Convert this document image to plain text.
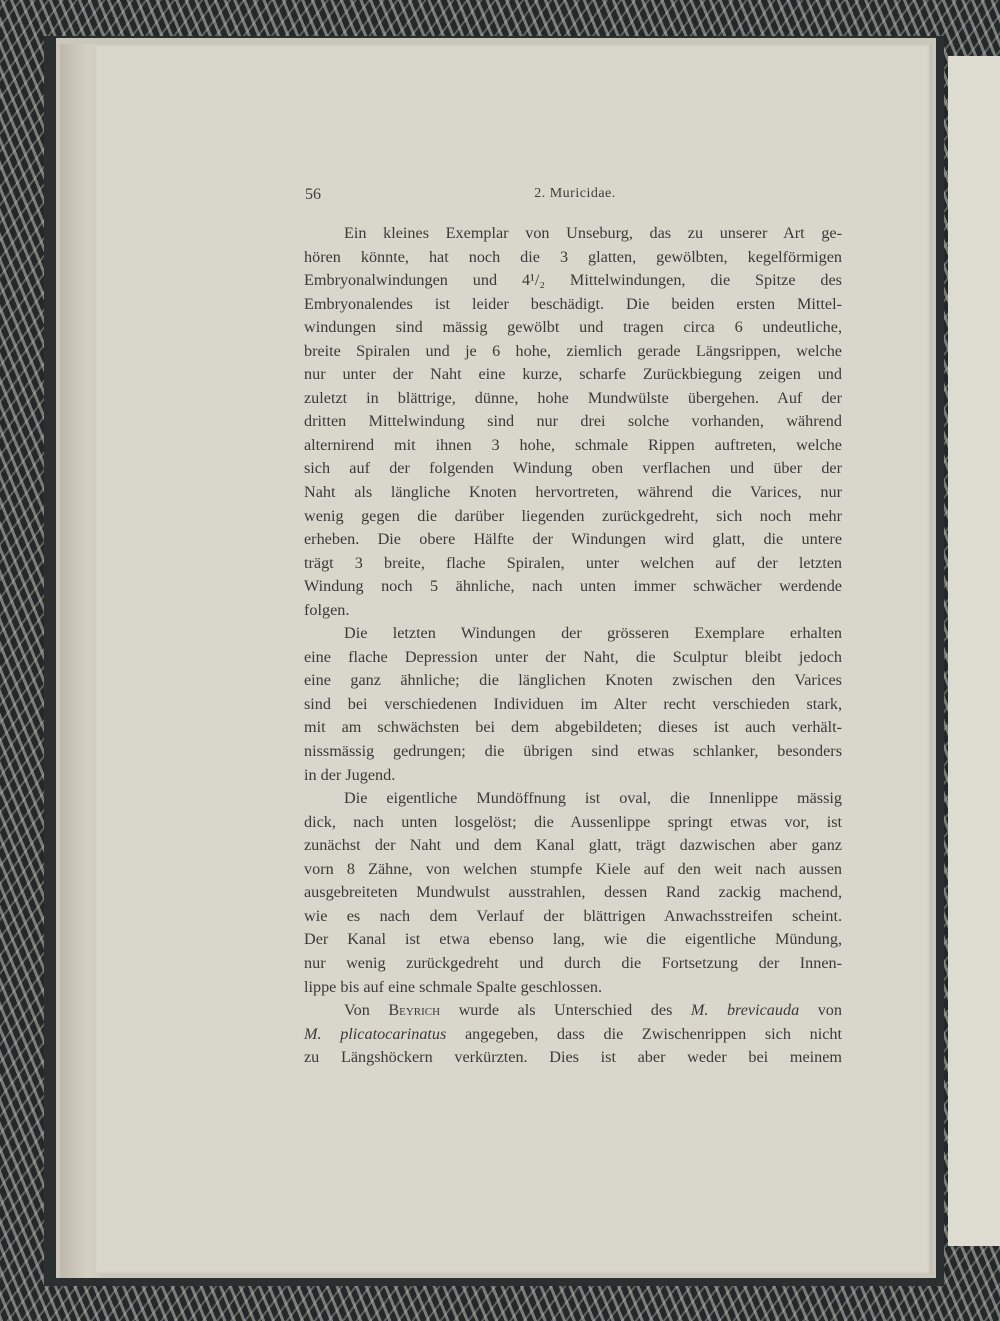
56	2. Muricidae.

Ein kleines Exemplar von Unseburg, das zu unserer Art ge-
hören könnte, hat noch die 3 glatten, gewölbten, kegelförmigen
Embryonalwindungen und 4¹/₂ Mittelwindungen, die Spitze des
Embryonalendes ist leider beschädigt. Die beiden ersten Mittel-
windungen sind mässig gewölbt und tragen circa 6 undeutliche,
breite Spiralen und je 6 hohe, ziemlich gerade Längsrippen, welche
nur unter der Naht eine kurze, scharfe Zurückbiegung zeigen und
zuletzt in blättrige, dünne, hohe Mundwülste übergehen. Auf der
dritten Mittelwindung sind nur drei solche vorhanden, während
alternirend mit ihnen 3 hohe, schmale Rippen auftreten, welche
sich auf der folgenden Windung oben verflachen und über der
Naht als längliche Knoten hervortreten, während die Varices, nur
wenig gegen die darüber liegenden zurückgedreht, sich noch mehr
erheben. Die obere Hälfte der Windungen wird glatt, die untere
trägt 3 breite, flache Spiralen, unter welchen auf der letzten
Windung noch 5 ähnliche, nach unten immer schwächer werdende
folgen.

Die letzten Windungen der grösseren Exemplare erhalten
eine flache Depression unter der Naht, die Sculptur bleibt jedoch
eine ganz ähnliche; die länglichen Knoten zwischen den Varices
sind bei verschiedenen Individuen im Alter recht verschieden stark,
mit am schwächsten bei dem abgebildeten; dieses ist auch verhält-
nissmässig gedrungen; die übrigen sind etwas schlanker, besonders
in der Jugend.

Die eigentliche Mundöffnung ist oval, die Innenlippe mässig
dick, nach unten losgelöst; die Aussenlippe springt etwas vor, ist
zunächst der Naht und dem Kanal glatt, trägt dazwischen aber ganz
vorn 8 Zähne, von welchen stumpfe Kiele auf den weit nach aussen
ausgebreiteten Mundwulst ausstrahlen, dessen Rand zackig machend,
wie es nach dem Verlauf der blättrigen Anwachsstreifen scheint.
Der Kanal ist etwa ebenso lang, wie die eigentliche Mündung,
nur wenig zurückgedreht und durch die Fortsetzung der Innen-
lippe bis auf eine schmale Spalte geschlossen.

Von Beyrich wurde als Unterschied des M. brevicauda von
M. plicatocarinatus angegeben, dass die Zwischenrippen sich nicht
zu Längshöckern verkürzten. Dies ist aber weder bei meinem
